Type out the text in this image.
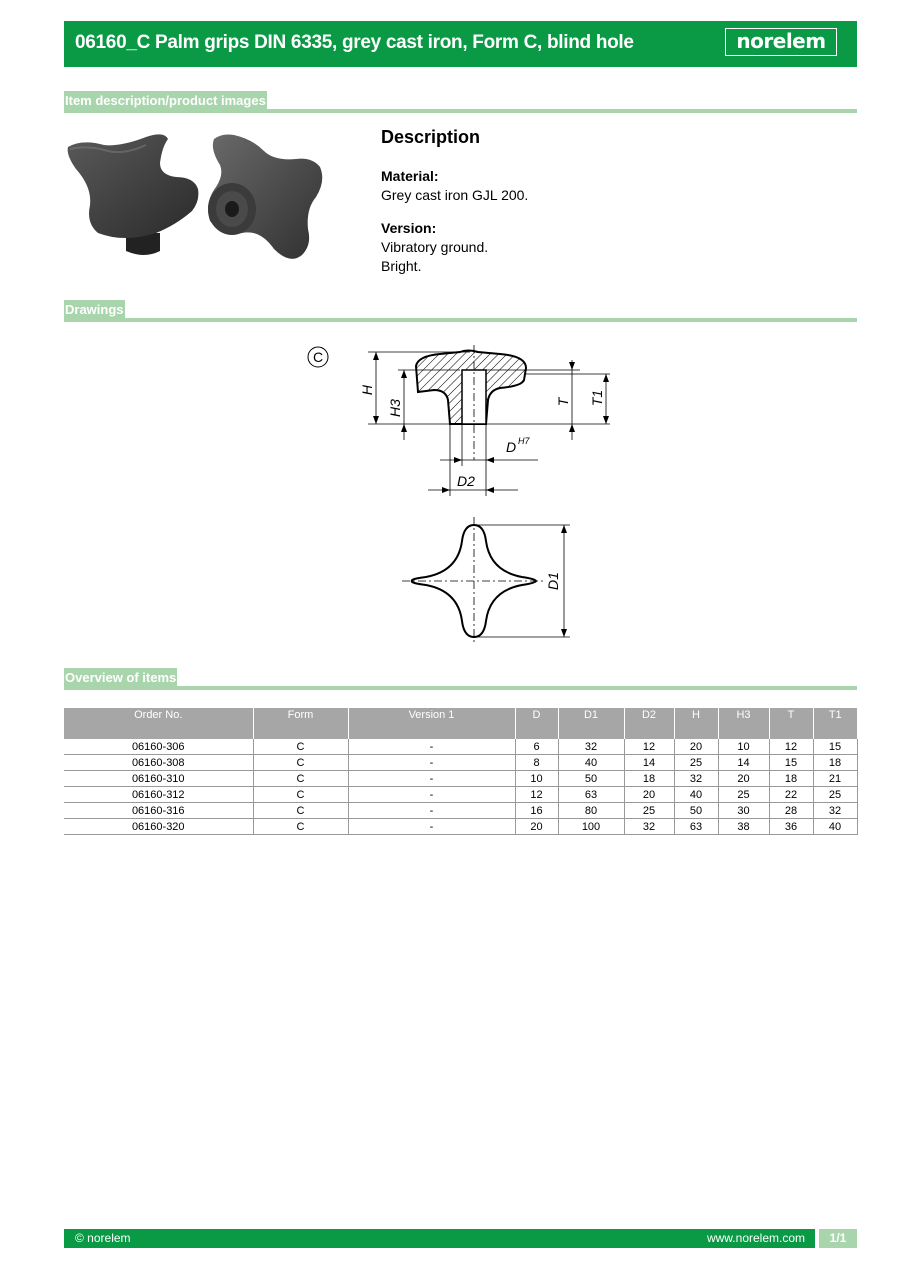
06160_C Palm grips DIN 6335, grey cast iron, Form C, blind hole	norelem
Item description/product images
Description
Material:
Grey cast iron GJL 200.
Version:
Vibratory ground.
Bright.
Drawings
C
H
H3	T T1
D H7
D2
D1
Overview of items
Order No.	Form	Version 1	D	D1	D2	H	H3	T	T1
06160-306	C	-	6	32	12	20	10	12	15
06160-308	C	-	8	40	14	25	14	15	18
06160-310	C	-	10	50	18	32	20	18	21
06160-312	C	-	12	63	20	40	25	22	25
06160-316	C	-	16	80	25	50	30	28	32
06160-320	C	-	20	100	32	63	38	36	40
© norelem	www.norelem.com	1/1
